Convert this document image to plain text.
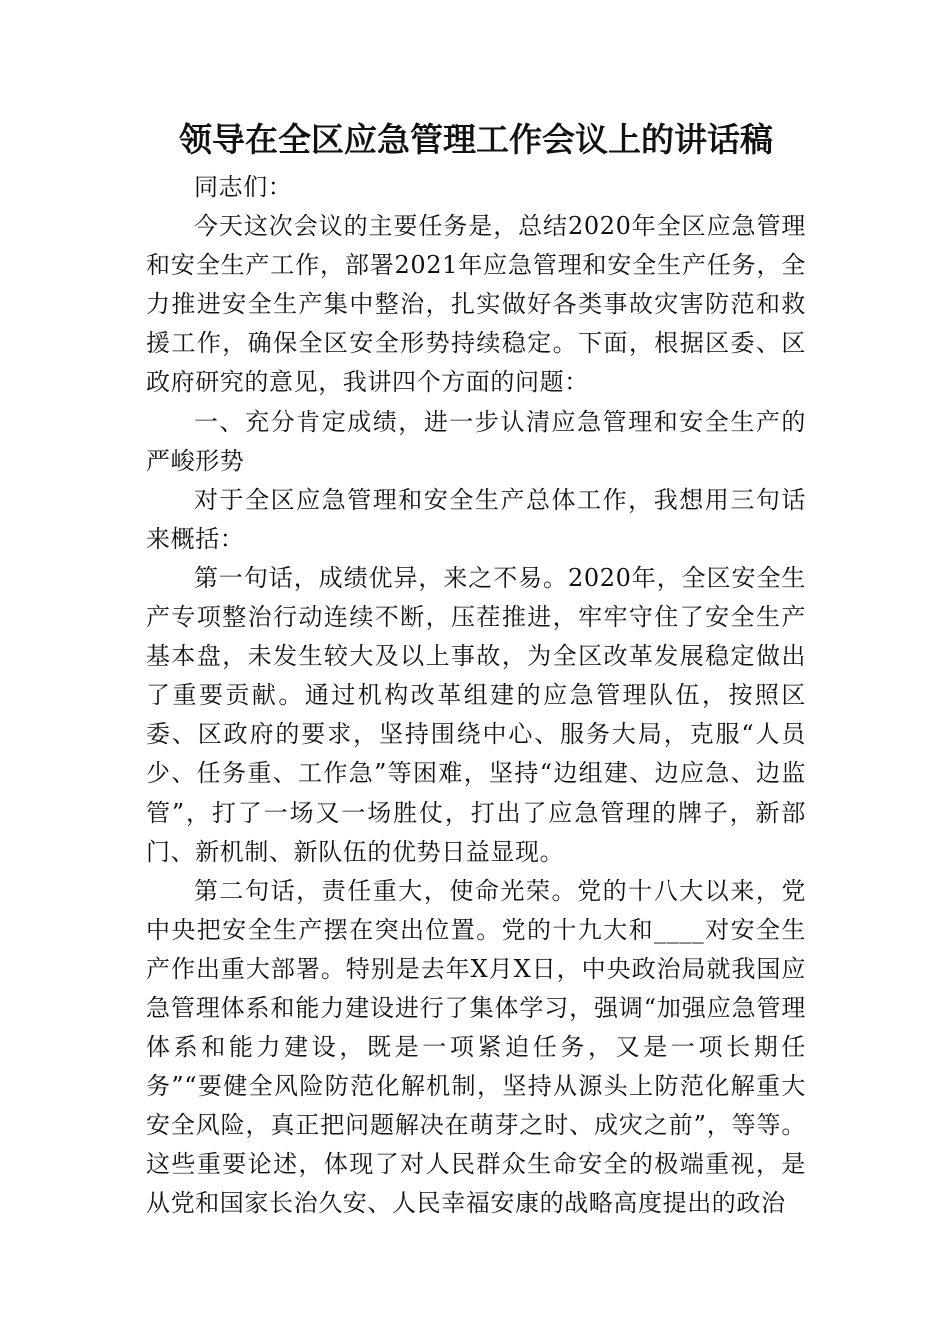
领导在全区应急管理工作会议上的讲话稿

同志们：

今天这次会议的主要任务是，总结2020年全区应急管理和安全生产工作，部署2021年应急管理和安全生产任务，全力推进安全生产集中整治，扎实做好各类事故灾害防范和救援工作，确保全区安全形势持续稳定。下面，根据区委、区政府研究的意见，我讲四个方面的问题：

一、充分肯定成绩，进一步认清应急管理和安全生产的严峻形势

对于全区应急管理和安全生产总体工作，我想用三句话来概括：

第一句话，成绩优异，来之不易。2020年，全区安全生产专项整治行动连续不断，压茬推进，牢牢守住了安全生产基本盘，未发生较大及以上事故，为全区改革发展稳定做出了重要贡献。通过机构改革组建的应急管理队伍，按照区委、区政府的要求，坚持围绕中心、服务大局，克服“人员少、任务重、工作急”等困难，坚持“边组建、边应急、边监管”，打了一场又一场胜仗，打出了应急管理的牌子，新部门、新机制、新队伍的优势日益显现。

第二句话，责任重大，使命光荣。党的十八大以来，党中央把安全生产摆在突出位置。党的十九大和____对安全生产作出重大部署。特别是去年X月X日，中央政治局就我国应急管理体系和能力建设进行了集体学习，强调“加强应急管理体系和能力建设，既是一项紧迫任务，又是一项长期任务”“要健全风险防范化解机制，坚持从源头上防范化解重大安全风险，真正把问题解决在萌芽之时、成灾之前”，等等。这些重要论述，体现了对人民群众生命安全的极端重视，是从党和国家长治久安、人民幸福安康的战略高度提出的政治
